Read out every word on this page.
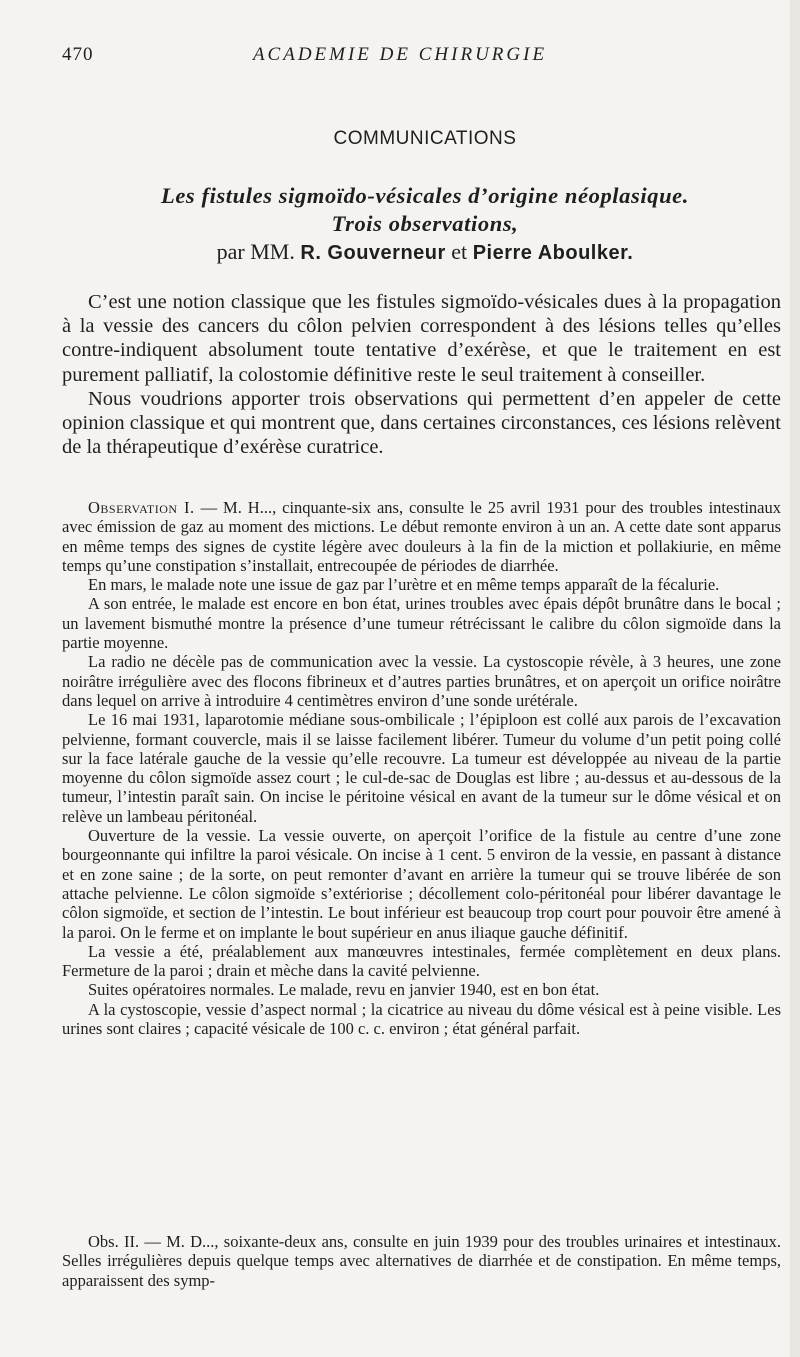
470	ACADEMIE DE CHIRURGIE
COMMUNICATIONS
Les fistules sigmoïdo-vésicales d’origine néoplasique.
Trois observations,
par MM. R. Gouverneur et Pierre Aboulker.

C’est une notion classique que les fistules sigmoïdo-vésicales dues à la propagation à la vessie des cancers du côlon pelvien correspondent à des lésions telles qu’elles contre-indiquent absolument toute tentative d’exérèse, et que le traitement en est purement palliatif, la colostomie définitive reste le seul traitement à conseiller.

Nous voudrions apporter trois observations qui permettent d’en appeler de cette opinion classique et qui montrent que, dans certaines circonstances, ces lésions relèvent de la thérapeutique d’exérèse curatrice.

Observation I. — M. H..., cinquante-six ans, consulte le 25 avril 1931 pour des troubles intestinaux avec émission de gaz au moment des mictions. Le début remonte environ à un an. A cette date sont apparus en même temps des signes de cystite légère avec douleurs à la fin de la miction et pollakiurie, en même temps qu’une constipation s’installait, entrecoupée de périodes de diarrhée.

En mars, le malade note une issue de gaz par l’urètre et en même temps apparaît de la fécalurie.

A son entrée, le malade est encore en bon état, urines troubles avec épais dépôt brunâtre dans le bocal ; un lavement bismuthé montre la présence d’une tumeur rétrécissant le calibre du côlon sigmoïde dans la partie moyenne.

La radio ne décèle pas de communication avec la vessie. La cystoscopie révèle, à 3 heures, une zone noirâtre irrégulière avec des flocons fibrineux et d’autres parties brunâtres, et on aperçoit un orifice noirâtre dans lequel on arrive à introduire 4 centimètres environ d’une sonde urétérale.

Le 16 mai 1931, laparotomie médiane sous-ombilicale ; l’épiploon est collé aux parois de l’excavation pelvienne, formant couvercle, mais il se laisse facilement libérer. Tumeur du volume d’un petit poing collé sur la face latérale gauche de la vessie qu’elle recouvre. La tumeur est développée au niveau de la partie moyenne du côlon sigmoïde assez court ; le cul-de-sac de Douglas est libre ; au-dessus et au-dessous de la tumeur, l’intestin paraît sain. On incise le péritoine vésical en avant de la tumeur sur le dôme vésical et on relève un lambeau péritonéal.

Ouverture de la vessie. La vessie ouverte, on aperçoit l’orifice de la fistule au centre d’une zone bourgeonnante qui infiltre la paroi vésicale. On incise à 1 cent. 5 environ de la vessie, en passant à distance et en zone saine ; de la sorte, on peut remonter d’avant en arrière la tumeur qui se trouve libérée de son attache pelvienne. Le côlon sigmoïde s’extériorise ; décollement colo-péritonéal pour libérer davantage le côlon sigmoïde, et section de l’intestin. Le bout inférieur est beaucoup trop court pour pouvoir être amené à la paroi. On le ferme et on implante le bout supérieur en anus iliaque gauche définitif.

La vessie a été, préalablement aux manœuvres intestinales, fermée complètement en deux plans. Fermeture de la paroi ; drain et mèche dans la cavité pelvienne.

Suites opératoires normales. Le malade, revu en janvier 1940, est en bon état.

A la cystoscopie, vessie d’aspect normal ; la cicatrice au niveau du dôme vésical est à peine visible. Les urines sont claires ; capacité vésicale de 100 c. c. environ ; état général parfait.

Obs. II. — M. D..., soixante-deux ans, consulte en juin 1939 pour des troubles urinaires et intestinaux. Selles irrégulières depuis quelque temps avec alternatives de diarrhée et de constipation. En même temps, apparaissent des symp-
